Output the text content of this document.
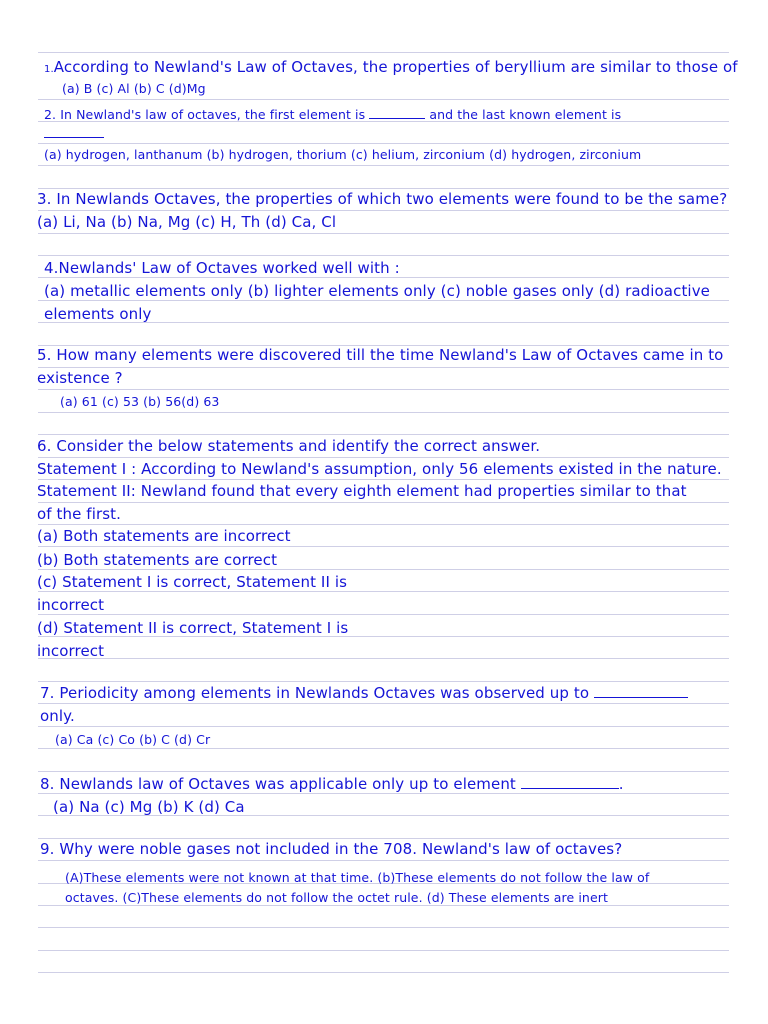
1.According to Newland's Law of Octaves, the properties of beryllium are similar to those of
(a) B (c) Al (b) C (d)Mg
2. In Newland's law of octaves, the first element is	and the last known element is
(a) hydrogen, lanthanum (b) hydrogen, thorium (c) helium, zirconium (d) hydrogen, zirconium
3. In Newlands Octaves, the properties of which two elements were found to be the same?
(a) Li, Na (b) Na, Mg (c) H, Th (d) Ca, Cl
4.Newlands' Law of Octaves worked well with :
(a) metallic elements only (b) lighter elements only (c) noble gases only (d) radioactive
elements only
5. How many elements were discovered till the time Newland's Law of Octaves came in to
existence ?
(a) 61 (c) 53 (b) 56(d) 63
6. Consider the below statements and identify the correct answer.
Statement I : According to Newland's assumption, only 56 elements existed in the nature.
Statement II: Newland found that every eighth element had properties similar to that
of the first.
(a) Both statements are incorrect
(b) Both statements are correct
(c) Statement I is correct, Statement II is
incorrect
(d) Statement II is correct, Statement I is
incorrect
7. Periodicity among elements in Newlands Octaves was observed up to
only.
(a) Ca (c) Co (b) C (d) Cr
8. Newlands law of Octaves was applicable only up to element	.
(a) Na (c) Mg (b) K (d) Ca
9. Why were noble gases not included in the 708. Newland's law of octaves?
(A)These elements were not known at that time. (b)These elements do not follow the law of
octaves. (C)These elements do not follow the octet rule. (d) These elements are inert
